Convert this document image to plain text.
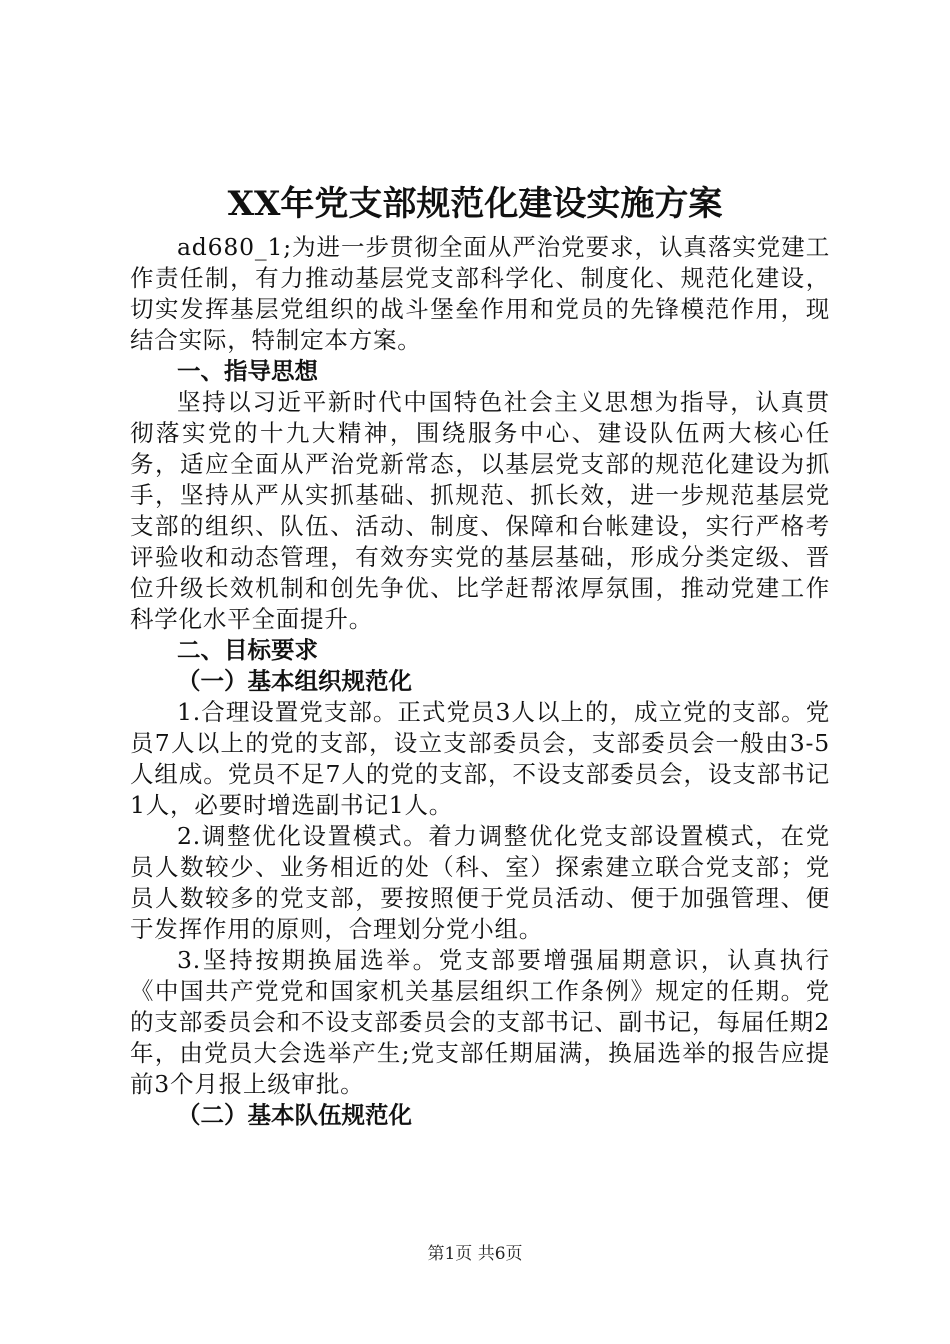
XX年党支部规范化建设实施方案

ad680_1;为进一步贯彻全面从严治党要求，认真落实党建工作责任制，有力推动基层党支部科学化、制度化、规范化建设，切实发挥基层党组织的战斗堡垒作用和党员的先锋模范作用，现结合实际，特制定本方案。

一、指导思想

坚持以习近平新时代中国特色社会主义思想为指导，认真贯彻落实党的十九大精神，围绕服务中心、建设队伍两大核心任务，适应全面从严治党新常态，以基层党支部的规范化建设为抓手，坚持从严从实抓基础、抓规范、抓长效，进一步规范基层党支部的组织、队伍、活动、制度、保障和台帐建设，实行严格考评验收和动态管理，有效夯实党的基层基础，形成分类定级、晋位升级长效机制和创先争优、比学赶帮浓厚氛围，推动党建工作科学化水平全面提升。

二、目标要求

（一）基本组织规范化

1.合理设置党支部。正式党员3人以上的，成立党的支部。党员7人以上的党的支部，设立支部委员会，支部委员会一般由3-5人组成。党员不足7人的党的支部，不设支部委员会，设支部书记1人，必要时增选副书记1人。

2.调整优化设置模式。着力调整优化党支部设置模式，在党员人数较少、业务相近的处（科、室）探索建立联合党支部；党员人数较多的党支部，要按照便于党员活动、便于加强管理、便于发挥作用的原则，合理划分党小组。

3.坚持按期换届选举。党支部要增强届期意识，认真执行《中国共产党党和国家机关基层组织工作条例》规定的任期。党的支部委员会和不设支部委员会的支部书记、副书记，每届任期2年，由党员大会选举产生;党支部任期届满，换届选举的报告应提前3个月报上级审批。

（二）基本队伍规范化

第1页 共6页
